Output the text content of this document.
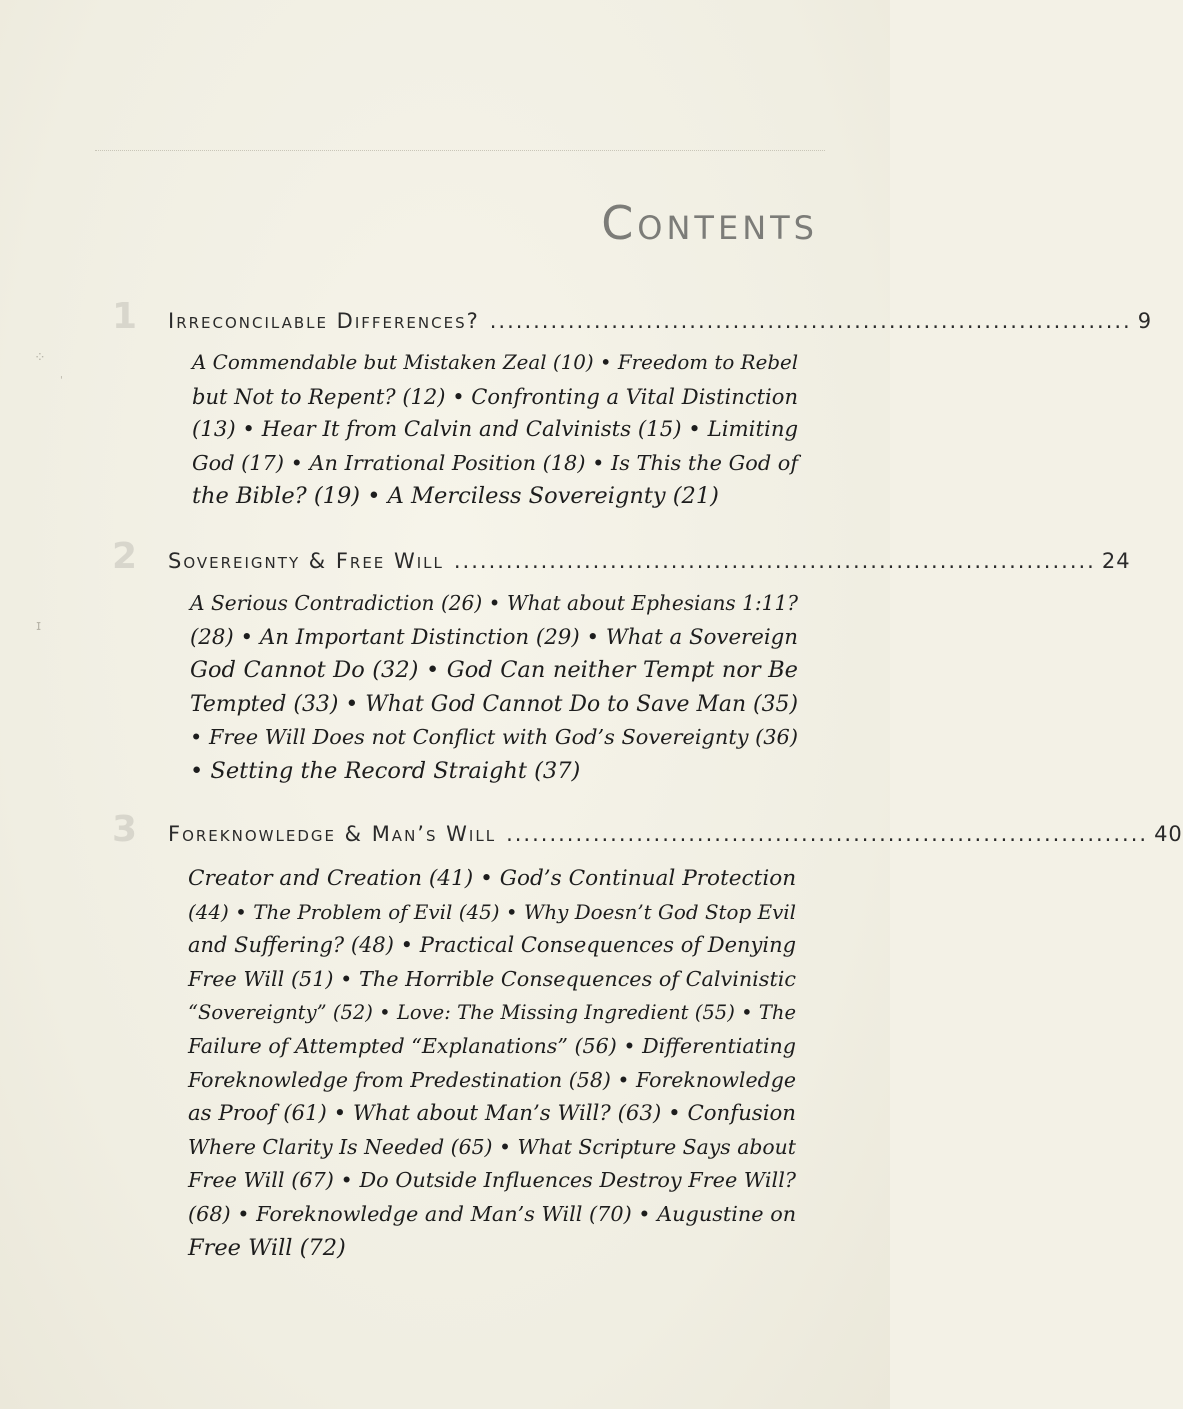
Contents
⁘
'
ɪ
1 Irreconcilable Differences? .......................................................................... 9
A Commendable but Mistaken Zeal (10) • Freedom to Rebel
but Not to Repent? (12) • Confronting a Vital Distinction
(13) • Hear It from Calvin and Calvinists (15) • Limiting
God (17) • An Irrational Position (18) • Is This the God of
the Bible? (19) • A Merciless Sovereignty (21)
2 Sovereignty & Free Will .......................................................................... 24
A Serious Contradiction (26) • What about Ephesians 1:11?
(28) • An Important Distinction (29) • What a Sovereign
God Cannot Do (32) • God Can neither Tempt nor Be
Tempted (33) • What God Cannot Do to Save Man (35)
• Free Will Does not Conflict with God’s Sovereignty (36)
• Setting the Record Straight (37)
3 Foreknowledge & Man’s Will .......................................................................... 40
Creator and Creation (41) • God’s Continual Protection
(44) • The Problem of Evil (45) • Why Doesn’t God Stop Evil
and Suffering? (48) • Practical Consequences of Denying
Free Will (51) • The Horrible Consequences of Calvinistic
“Sovereignty” (52) • Love: The Missing Ingredient (55) • The
Failure of Attempted “Explanations” (56) • Differentiating
Foreknowledge from Predestination (58) • Foreknowledge
as Proof (61) • What about Man’s Will? (63) • Confusion
Where Clarity Is Needed (65) • What Scripture Says about
Free Will (67) • Do Outside Influences Destroy Free Will?
(68) • Foreknowledge and Man’s Will (70) • Augustine on
Free Will (72)
